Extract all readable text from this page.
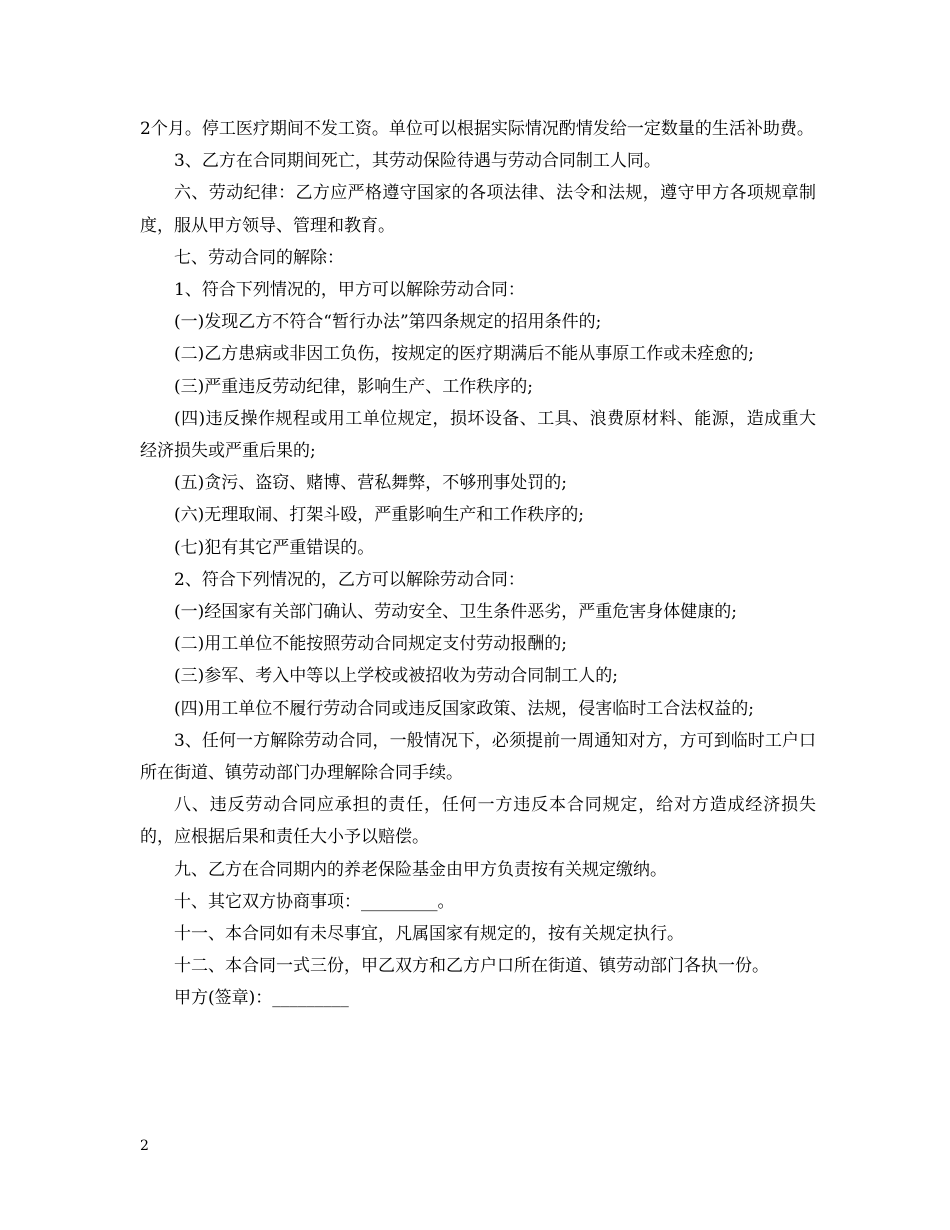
2个月。停工医疗期间不发工资。单位可以根据实际情况酌情发给一定数量的生活补助费。

3、乙方在合同期间死亡，其劳动保险待遇与劳动合同制工人同。

六、劳动纪律：乙方应严格遵守国家的各项法律、法令和法规，遵守甲方各项规章制度，服从甲方领导、管理和教育。

七、劳动合同的解除：

1、符合下列情况的，甲方可以解除劳动合同：

(一)发现乙方不符合“暂行办法”第四条规定的招用条件的;

(二)乙方患病或非因工负伤，按规定的医疗期满后不能从事原工作或未痊愈的;

(三)严重违反劳动纪律，影响生产、工作秩序的;

(四)违反操作规程或用工单位规定，损坏设备、工具、浪费原材料、能源，造成重大经济损失或严重后果的;

(五)贪污、盗窃、赌博、营私舞弊，不够刑事处罚的;

(六)无理取闹、打架斗殴，严重影响生产和工作秩序的;

(七)犯有其它严重错误的。

2、符合下列情况的，乙方可以解除劳动合同：

(一)经国家有关部门确认、劳动安全、卫生条件恶劣，严重危害身体健康的;

(二)用工单位不能按照劳动合同规定支付劳动报酬的;

(三)参军、考入中等以上学校或被招收为劳动合同制工人的;

(四)用工单位不履行劳动合同或违反国家政策、法规，侵害临时工合法权益的;

3、任何一方解除劳动合同，一般情况下，必须提前一周通知对方，方可到临时工户口所在街道、镇劳动部门办理解除合同手续。

八、违反劳动合同应承担的责任，任何一方违反本合同规定，给对方造成经济损失的，应根据后果和责任大小予以赔偿。

九、乙方在合同期内的养老保险基金由甲方负责按有关规定缴纳。

十、其它双方协商事项：_________。

十一、本合同如有未尽事宜，凡属国家有规定的，按有关规定执行。

十二、本合同一式三份，甲乙双方和乙方户口所在街道、镇劳动部门各执一份。

甲方(签章)：_________

2
